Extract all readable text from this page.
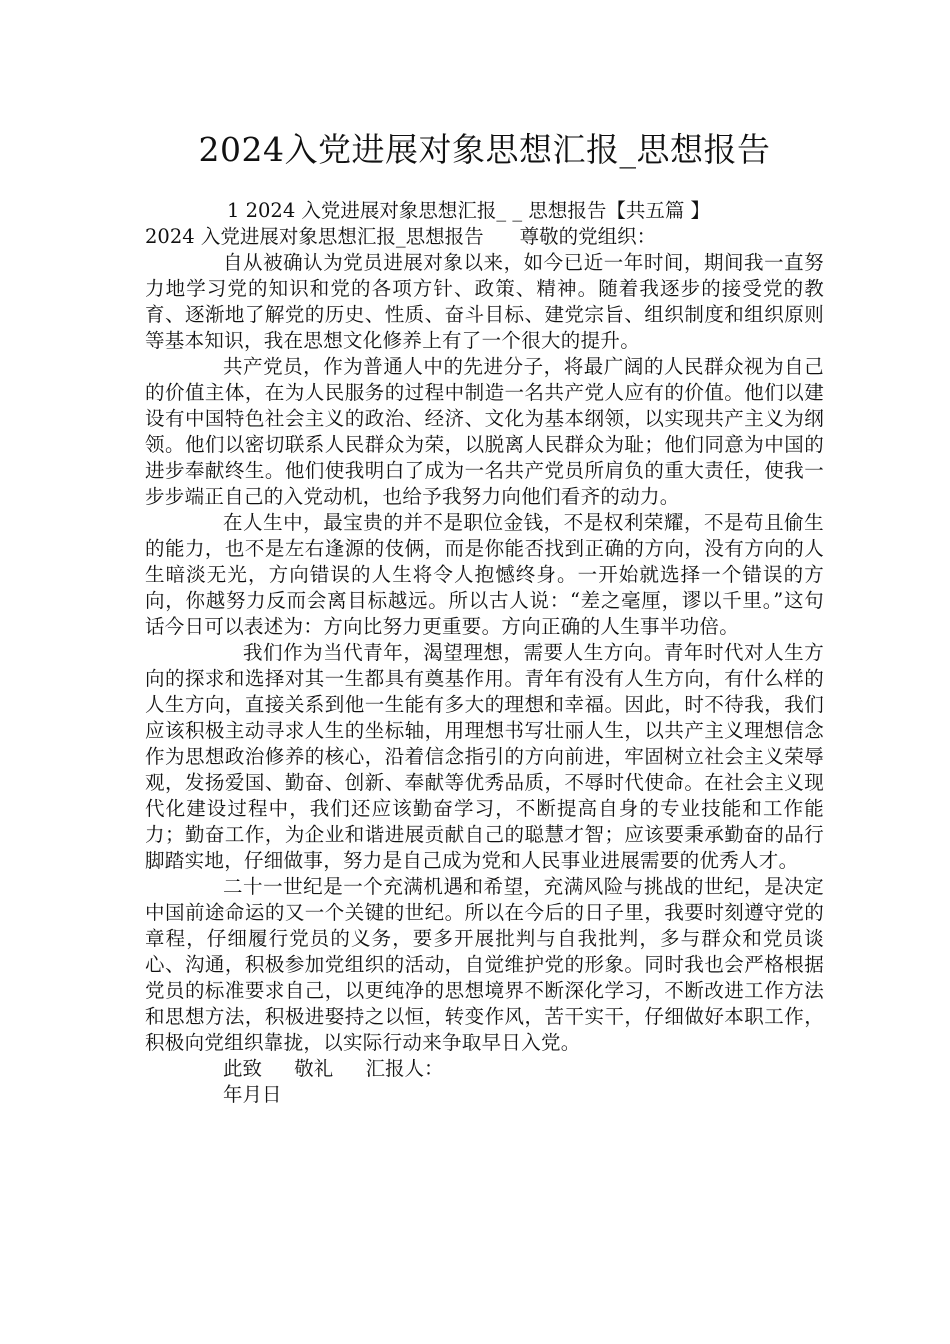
2024入党进展对象思想汇报_思想报告

1 2024 入党进展对象思想汇报_ _ 思想报告【共五篇 】
2024 入党进展对象思想汇报_思想报告 尊敬的党组织：

自从被确认为党员进展对象以来，如今已近一年时间，期间我一直努力地学习党的知识和党的各项方针、政策、精神。随着我逐步的接受党的教育、逐渐地了解党的历史、性质、奋斗目标、建党宗旨、组织制度和组织原则等基本知识，我在思想文化修养上有了一个很大的提升。

共产党员，作为普通人中的先进分子，将最广阔的人民群众视为自己的价值主体，在为人民服务的过程中制造一名共产党人应有的价值。他们以建设有中国特色社会主义的政治、经济、文化为基本纲领，以实现共产主义为纲领。他们以密切联系人民群众为荣，以脱离人民群众为耻；他们同意为中国的进步奉献终生。他们使我明白了成为一名共产党员所肩负的重大责任，使我一步步端正自己的入党动机，也给予我努力向他们看齐的动力。

在人生中，最宝贵的并不是职位金钱，不是权利荣耀，不是苟且偷生的能力，也不是左右逢源的伎俩，而是你能否找到正确的方向，没有方向的人生暗淡无光，方向错误的人生将令人抱憾终身。一开始就选择一个错误的方向，你越努力反而会离目标越远。所以古人说：“差之毫厘，谬以千里。”这句话今日可以表述为：方向比努力更重要。方向正确的人生事半功倍。

我们作为当代青年，渴望理想，需要人生方向。青年时代对人生方向的探求和选择对其一生都具有奠基作用。青年有没有人生方向，有什么样的人生方向，直接关系到他一生能有多大的理想和幸福。因此，时不待我，我们应该积极主动寻求人生的坐标轴，用理想书写壮丽人生，以共产主义理想信念作为思想政治修养的核心，沿着信念指引的方向前进，牢固树立社会主义荣辱观，发扬爱国、勤奋、创新、奉献等优秀品质，不辱时代使命。在社会主义现代化建设过程中，我们还应该勤奋学习，不断提高自身的专业技能和工作能力；勤奋工作，为企业和谐进展贡献自己的聪慧才智；应该要秉承勤奋的品行脚踏实地，仔细做事，努力是自己成为党和人民事业进展需要的优秀人才。

二十一世纪是一个充满机遇和希望，充满风险与挑战的世纪，是决定中国前途命运的又一个关键的世纪。所以在今后的日子里，我要时刻遵守党的章程，仔细履行党员的义务，要多开展批判与自我批判，多与群众和党员谈心、沟通，积极参加党组织的活动，自觉维护党的形象。同时我也会严格根据党员的标准要求自己，以更纯净的思想境界不断深化学习，不断改进工作方法和思想方法，积极进娶持之以恒，转变作风，苦干实干，仔细做好本职工作，积极向党组织靠拢，以实际行动来争取早日入党。

此致 敬礼 汇报人：

年月日
